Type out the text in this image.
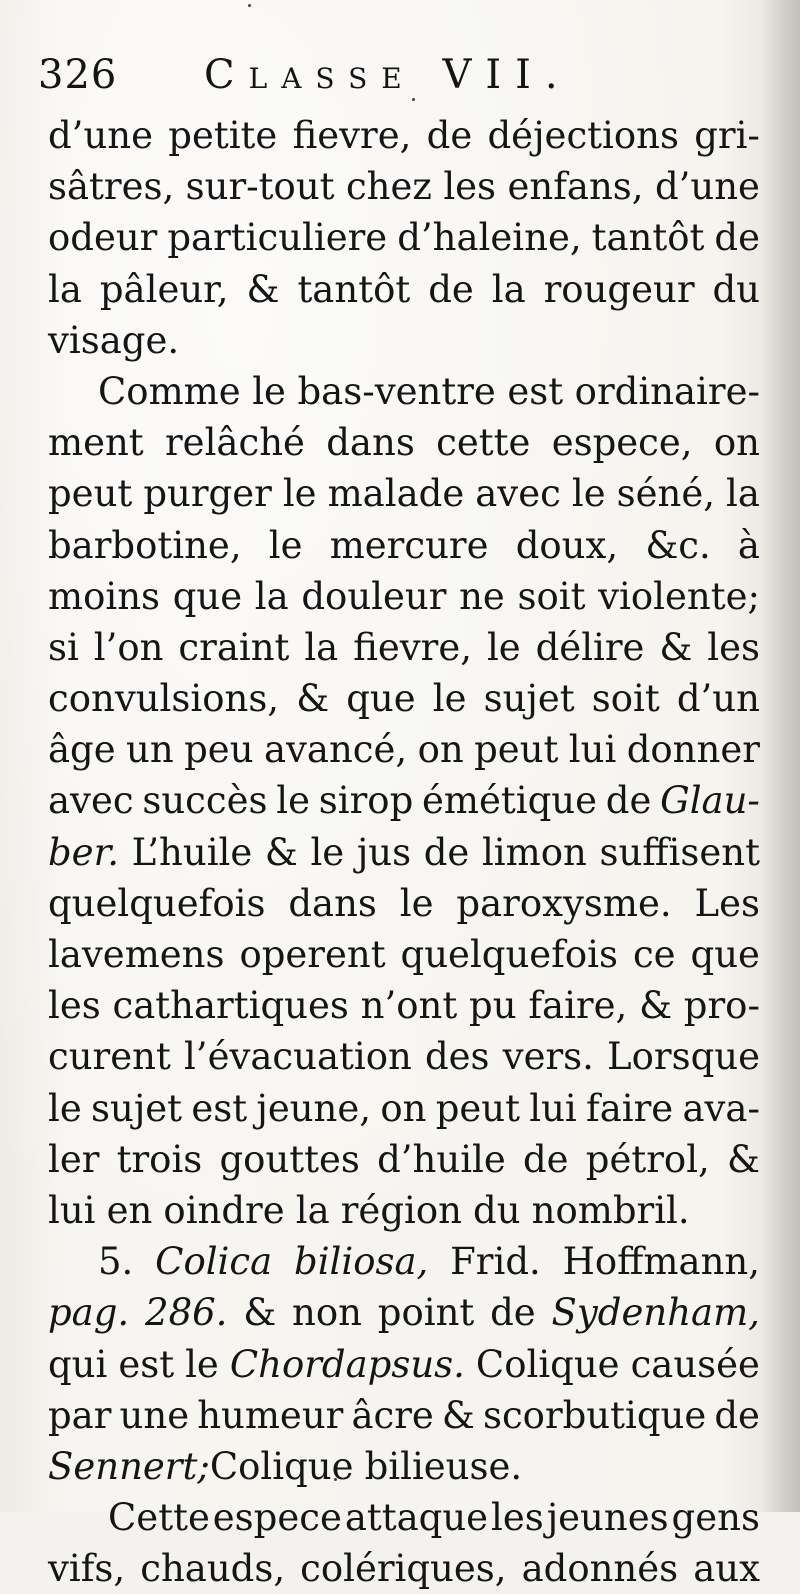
326 Classe VII.
d’une petite fievre, de déjections gri-
sâtres, sur-tout chez les enfans, d’une
odeur particuliere d’haleine, tantôt de
la pâleur, & tantôt de la rougeur du
visage.
Comme le bas-ventre est ordinaire-
ment relâché dans cette espece, on
peut purger le malade avec le séné, la
barbotine, le mercure doux, &c. à
moins que la douleur ne soit violente;
si l’on craint la fievre, le délire & les
convulsions, & que le sujet soit d’un
âge un peu avancé, on peut lui donner
avec succès le sirop émétique de Glau-
ber. L’huile & le jus de limon suffisent
quelquefois dans le paroxysme. Les
lavemens operent quelquefois ce que
les cathartiques n’ont pu faire, & pro-
curent l’évacuation des vers. Lorsque
le sujet est jeune, on peut lui faire ava-
ler trois gouttes d’huile de pétrol, &
lui en oindre la région du nombril.
5. Colica biliosa, Frid. Hoffmann,
pag. 286. & non point de Sydenham,
qui est le Chordapsus. Colique causée
par une humeur âcre & scorbutique de
Sennert; Colique bilieuse.
Cette espece attaque les jeunes gens
vifs, chauds, colériques, adonnés aux
